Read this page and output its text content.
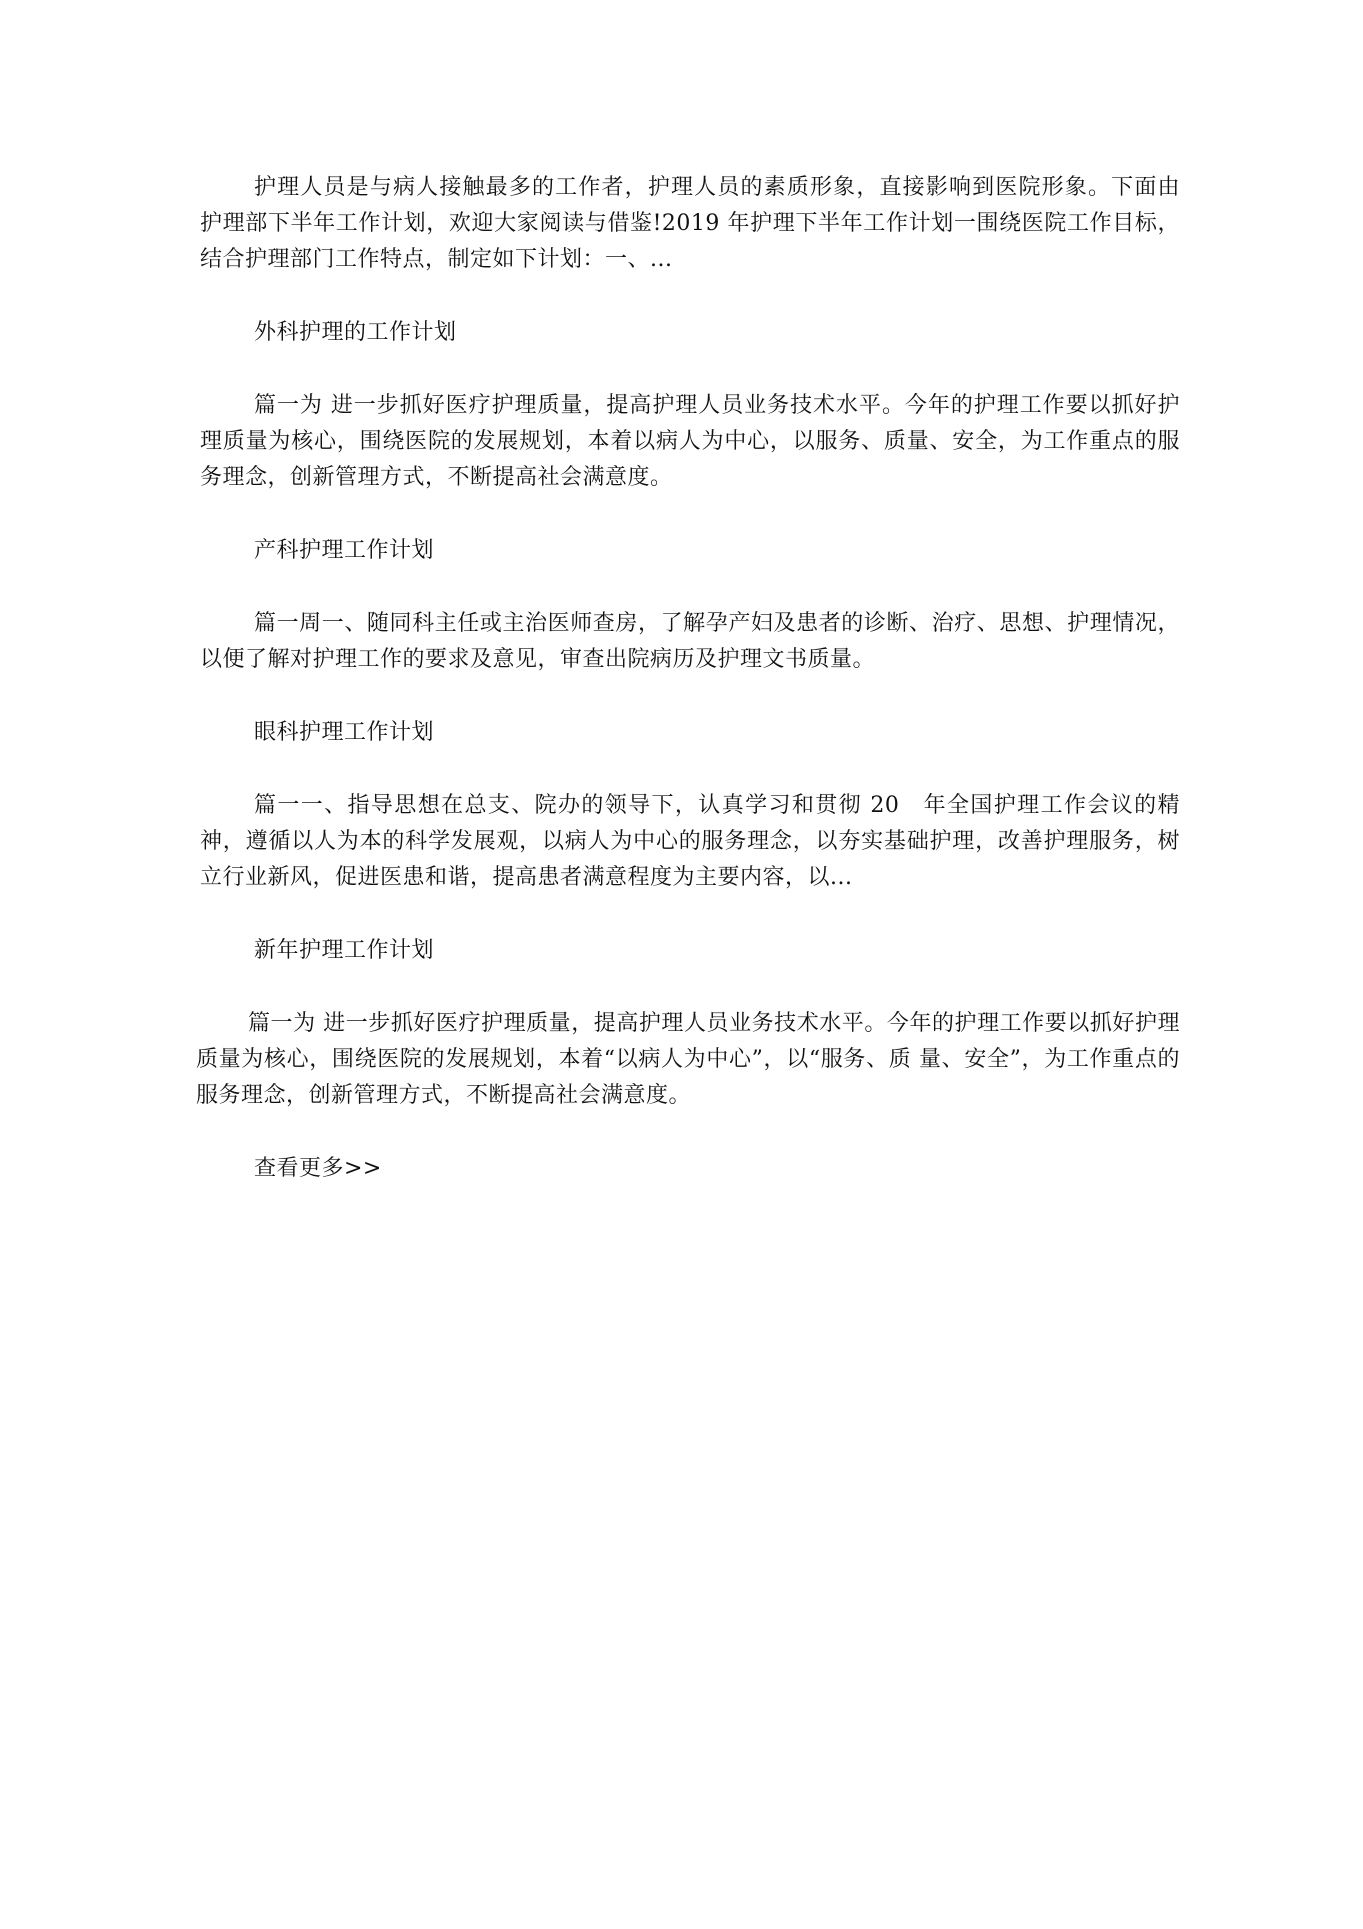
护理人员是与病人接触最多的工作者，护理人员的素质形象，直接影响到医院形象。下面由　护理部下半年工作计划，欢迎大家阅读与借鉴!2019 年护理下半年工作计划一围绕医院工作目标，结合护理部门工作特点，制定如下计划：一、...

外科护理的工作计划

篇一为 进一步抓好医疗护理质量，提高护理人员业务技术水平。今年的护理工作要以抓好护理质量为核心，围绕医院的发展规划，本着以病人为中心，以服务、质量、安全，为工作重点的服务理念，创新管理方式，不断提高社会满意度。

产科护理工作计划

篇一周一、随同科主任或主治医师查房，了解孕产妇及患者的诊断、治疗、思想、护理情况，以便了解对护理工作的要求及意见，审查出院病历及护理文书质量。

眼科护理工作计划

篇一一、指导思想在总支、院办的领导下，认真学习和贯彻 20　年全国护理工作会议的精神，遵循以人为本的科学发展观，以病人为中心的服务理念，以夯实基础护理，改善护理服务，树立行业新风，促进医患和谐，提高患者满意程度为主要内容，以...

新年护理工作计划

篇一为 进一步抓好医疗护理质量，提高护理人员业务技术水平。今年的护理工作要以抓好护理质量为核心，围绕医院的发展规划，本着“以病人为中心”，以“服务、质 量、安全”，为工作重点的服务理念，创新管理方式，不断提高社会满意度。

查看更多>>
